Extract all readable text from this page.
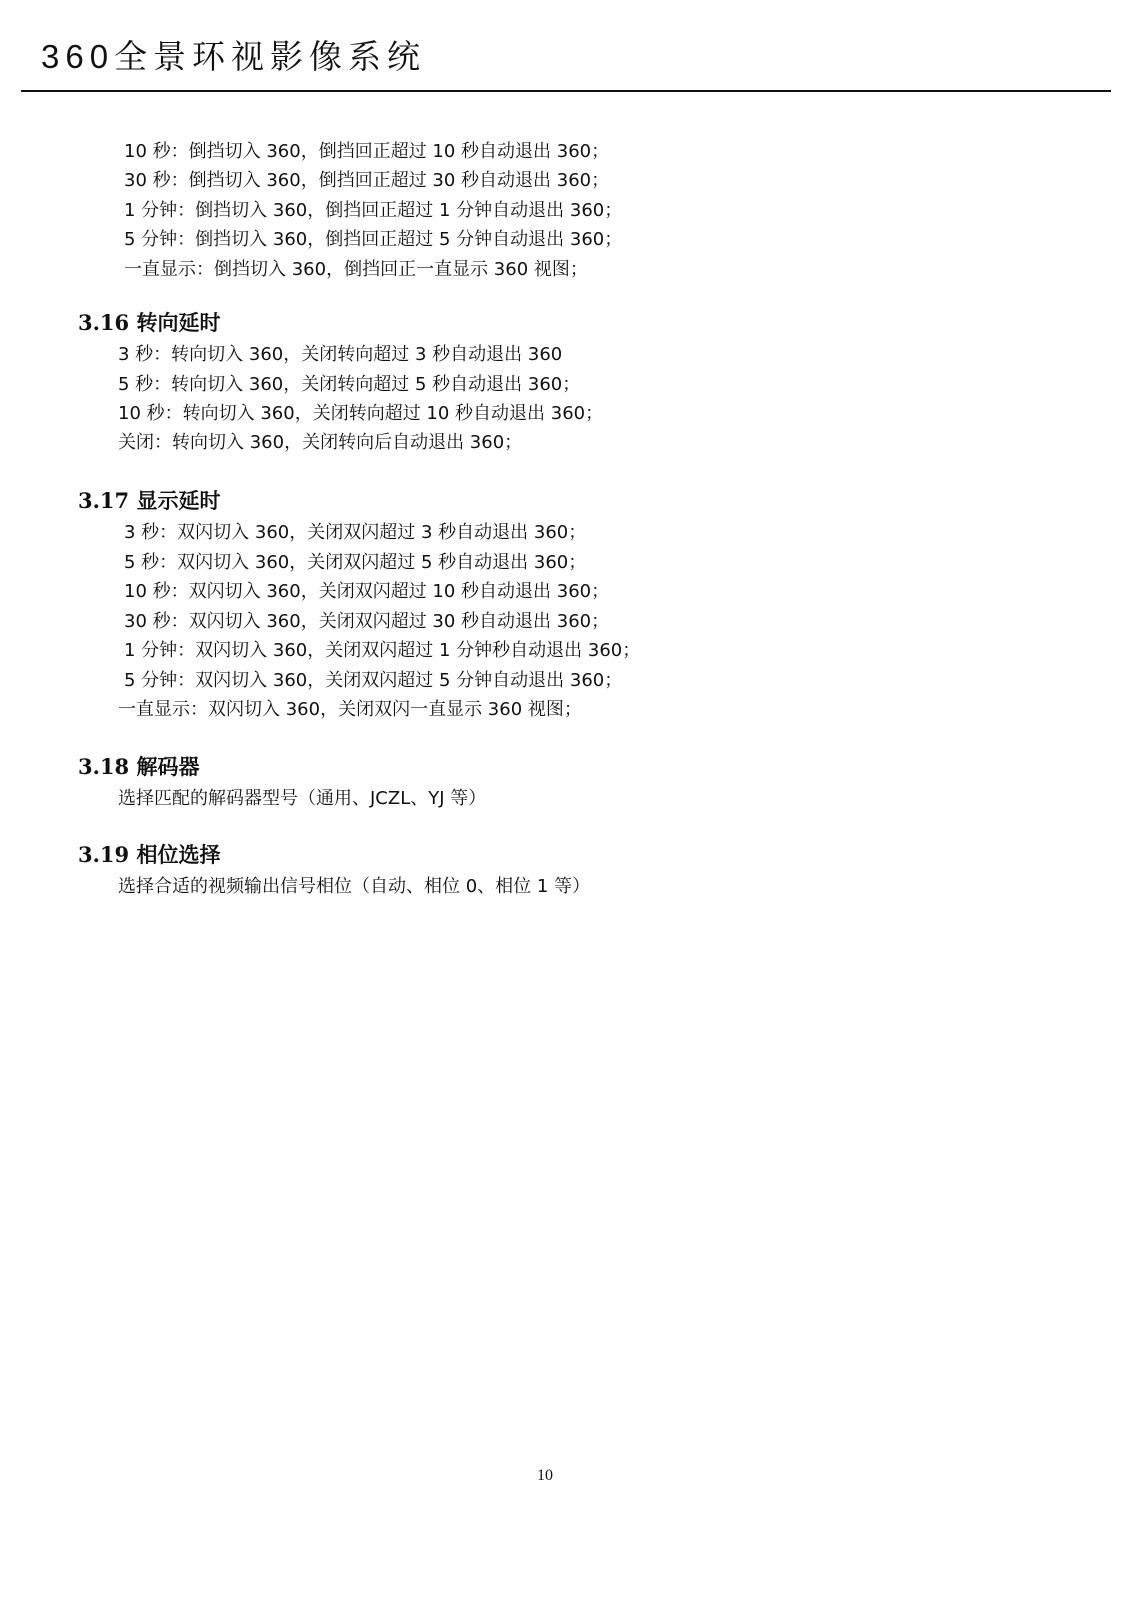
360全景环视影像系统
10 秒：倒挡切入 360，倒挡回正超过 10 秒自动退出 360；
30 秒：倒挡切入 360，倒挡回正超过 30 秒自动退出 360；
1 分钟：倒挡切入 360，倒挡回正超过 1 分钟自动退出 360；
5 分钟：倒挡切入 360，倒挡回正超过 5 分钟自动退出 360；
一直显示：倒挡切入 360，倒挡回正一直显示 360 视图；
3.16 转向延时
3 秒：转向切入 360，关闭转向超过 3 秒自动退出 360
5 秒：转向切入 360，关闭转向超过 5 秒自动退出 360；
10 秒：转向切入 360，关闭转向超过 10 秒自动退出 360；
关闭：转向切入 360，关闭转向后自动退出 360；
3.17 显示延时
3 秒：双闪切入 360，关闭双闪超过 3 秒自动退出 360；
5 秒：双闪切入 360，关闭双闪超过 5 秒自动退出 360；
10 秒：双闪切入 360，关闭双闪超过 10 秒自动退出 360；
30 秒：双闪切入 360，关闭双闪超过 30 秒自动退出 360；
1 分钟：双闪切入 360，关闭双闪超过 1 分钟秒自动退出 360；
5 分钟：双闪切入 360，关闭双闪超过 5 分钟自动退出 360；
一直显示：双闪切入 360，关闭双闪一直显示 360 视图；
3.18 解码器
选择匹配的解码器型号（通用、JCZL、YJ 等）
3.19 相位选择
选择合适的视频输出信号相位（自动、相位 0、相位 1 等）
10
